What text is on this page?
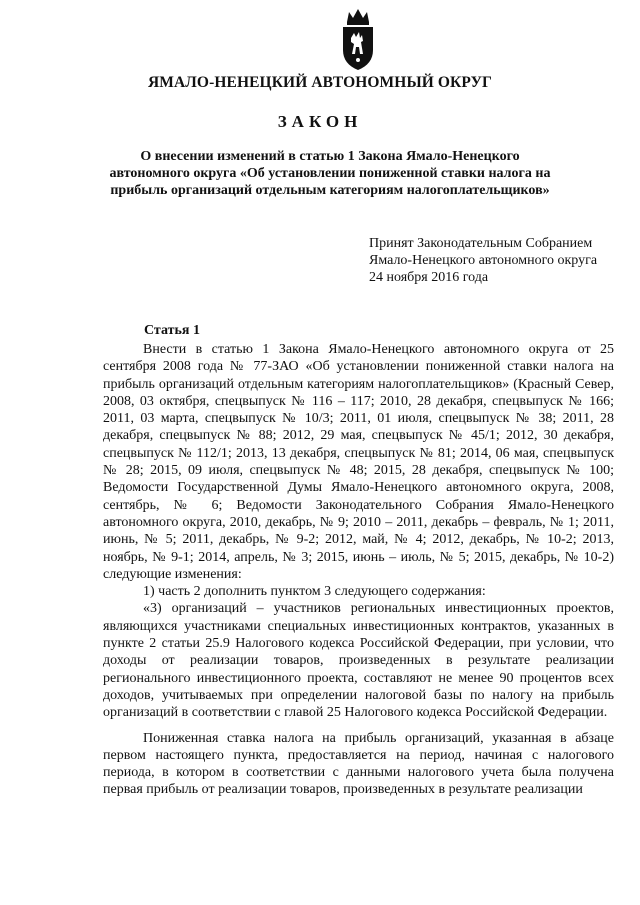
ЯМАЛО-НЕНЕЦКИЙ АВТОНОМНЫЙ ОКРУГ
ЗАКОН
О внесении изменений в статью 1 Закона Ямало-Ненецкого автономного округа «Об установлении пониженной ставки налога на прибыль организаций отдельным категориям налогоплательщиков»
Принят Законодательным Собранием
Ямало-Ненецкого автономного округа
24 ноября 2016 года
Статья 1

Внести в статью 1 Закона Ямало-Ненецкого автономного округа от 25 сентября 2008 года № 77-ЗАО «Об установлении пониженной ставки налога на прибыль организаций отдельным категориям налогоплательщиков» (Красный Север, 2008, 03 октября, спецвыпуск № 116 – 117; 2010, 28 декабря, спецвыпуск № 166; 2011, 03 марта, спецвыпуск № 10/3; 2011, 01 июля, спецвыпуск № 38; 2011, 28 декабря, спецвыпуск № 88; 2012, 29 мая, спецвыпуск № 45/1; 2012, 30 декабря, спецвыпуск № 112/1; 2013, 13 декабря, спецвыпуск № 81; 2014, 06 мая, спецвыпуск № 28; 2015, 09 июля, спецвыпуск № 48; 2015, 28 декабря, спецвыпуск № 100; Ведомости Государственной Думы Ямало-Ненецкого автономного округа, 2008, сентябрь, № 6; Ведомости Законодательного Собрания Ямало-Ненецкого автономного округа, 2010, декабрь, № 9; 2010 – 2011, декабрь – февраль, № 1; 2011, июнь, № 5; 2011, декабрь, № 9-2; 2012, май, № 4; 2012, декабрь, № 10-2; 2013, ноябрь, № 9-1; 2014, апрель, № 3; 2015, июнь – июль, № 5; 2015, декабрь, № 10-2) следующие изменения:

1) часть 2 дополнить пунктом 3 следующего содержания:

«3) организаций – участников региональных инвестиционных проектов, являющихся участниками специальных инвестиционных контрактов, указанных в пункте 2 статьи 25.9 Налогового кодекса Российской Федерации, при условии, что доходы от реализации товаров, произведенных в результате реализации регионального инвестиционного проекта, составляют не менее 90 процентов всех доходов, учитываемых при определении налоговой базы по налогу на прибыль организаций в соответствии с главой 25 Налогового кодекса Российской Федерации.

Пониженная ставка налога на прибыль организаций, указанная в абзаце первом настоящего пункта, предоставляется на период, начиная с налогового периода, в котором в соответствии с данными налогового учета была получена первая прибыль от реализации товаров, произведенных в результате реализации
